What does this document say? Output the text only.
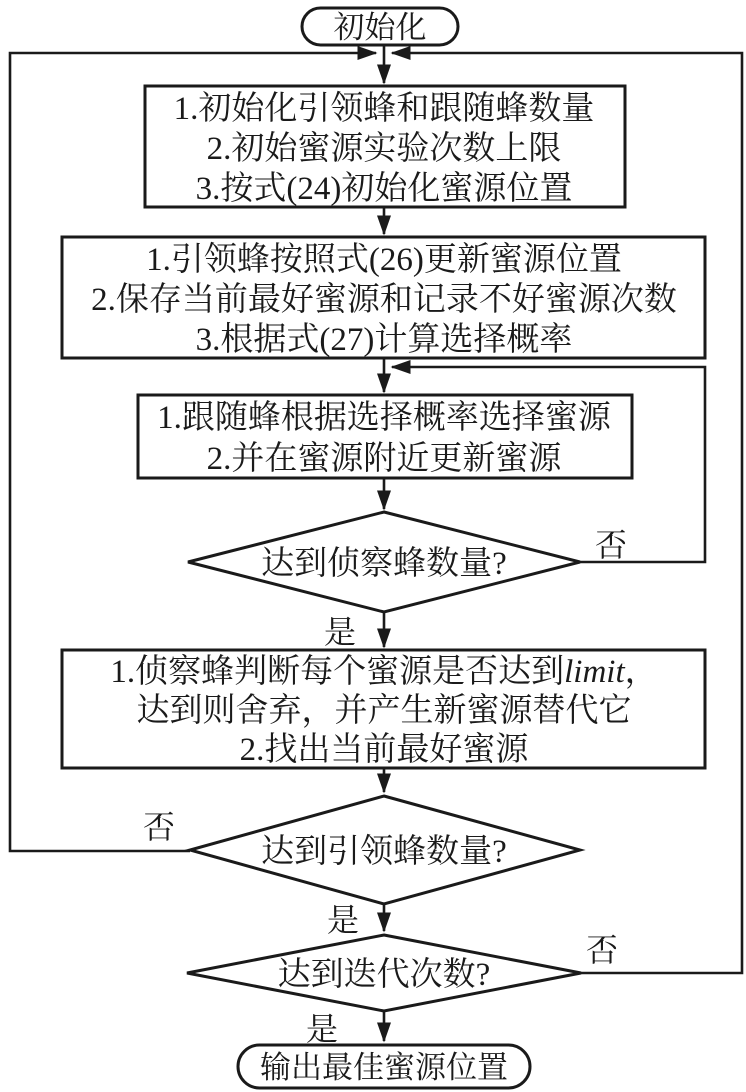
初始化
1.初始化引领蜂和跟随蜂数量
2.初始蜜源实验次数上限
3.按式(24)初始化蜜源位置
1.引领蜂按照式(26)更新蜜源位置
2.保存当前最好蜜源和记录不好蜜源次数
3.根据式(27)计算选择概率
1.跟随蜂根据选择概率选择蜜源
2.并在蜜源附近更新蜜源
达到侦察蜂数量?
1.侦察蜂判断每个蜜源是否达到limit，
达到则舍弃，并产生新蜜源替代它
2.找出当前最好蜜源
达到引领蜂数量?
达到迭代次数?
输出最佳蜜源位置
否
是
否
是
否
是
